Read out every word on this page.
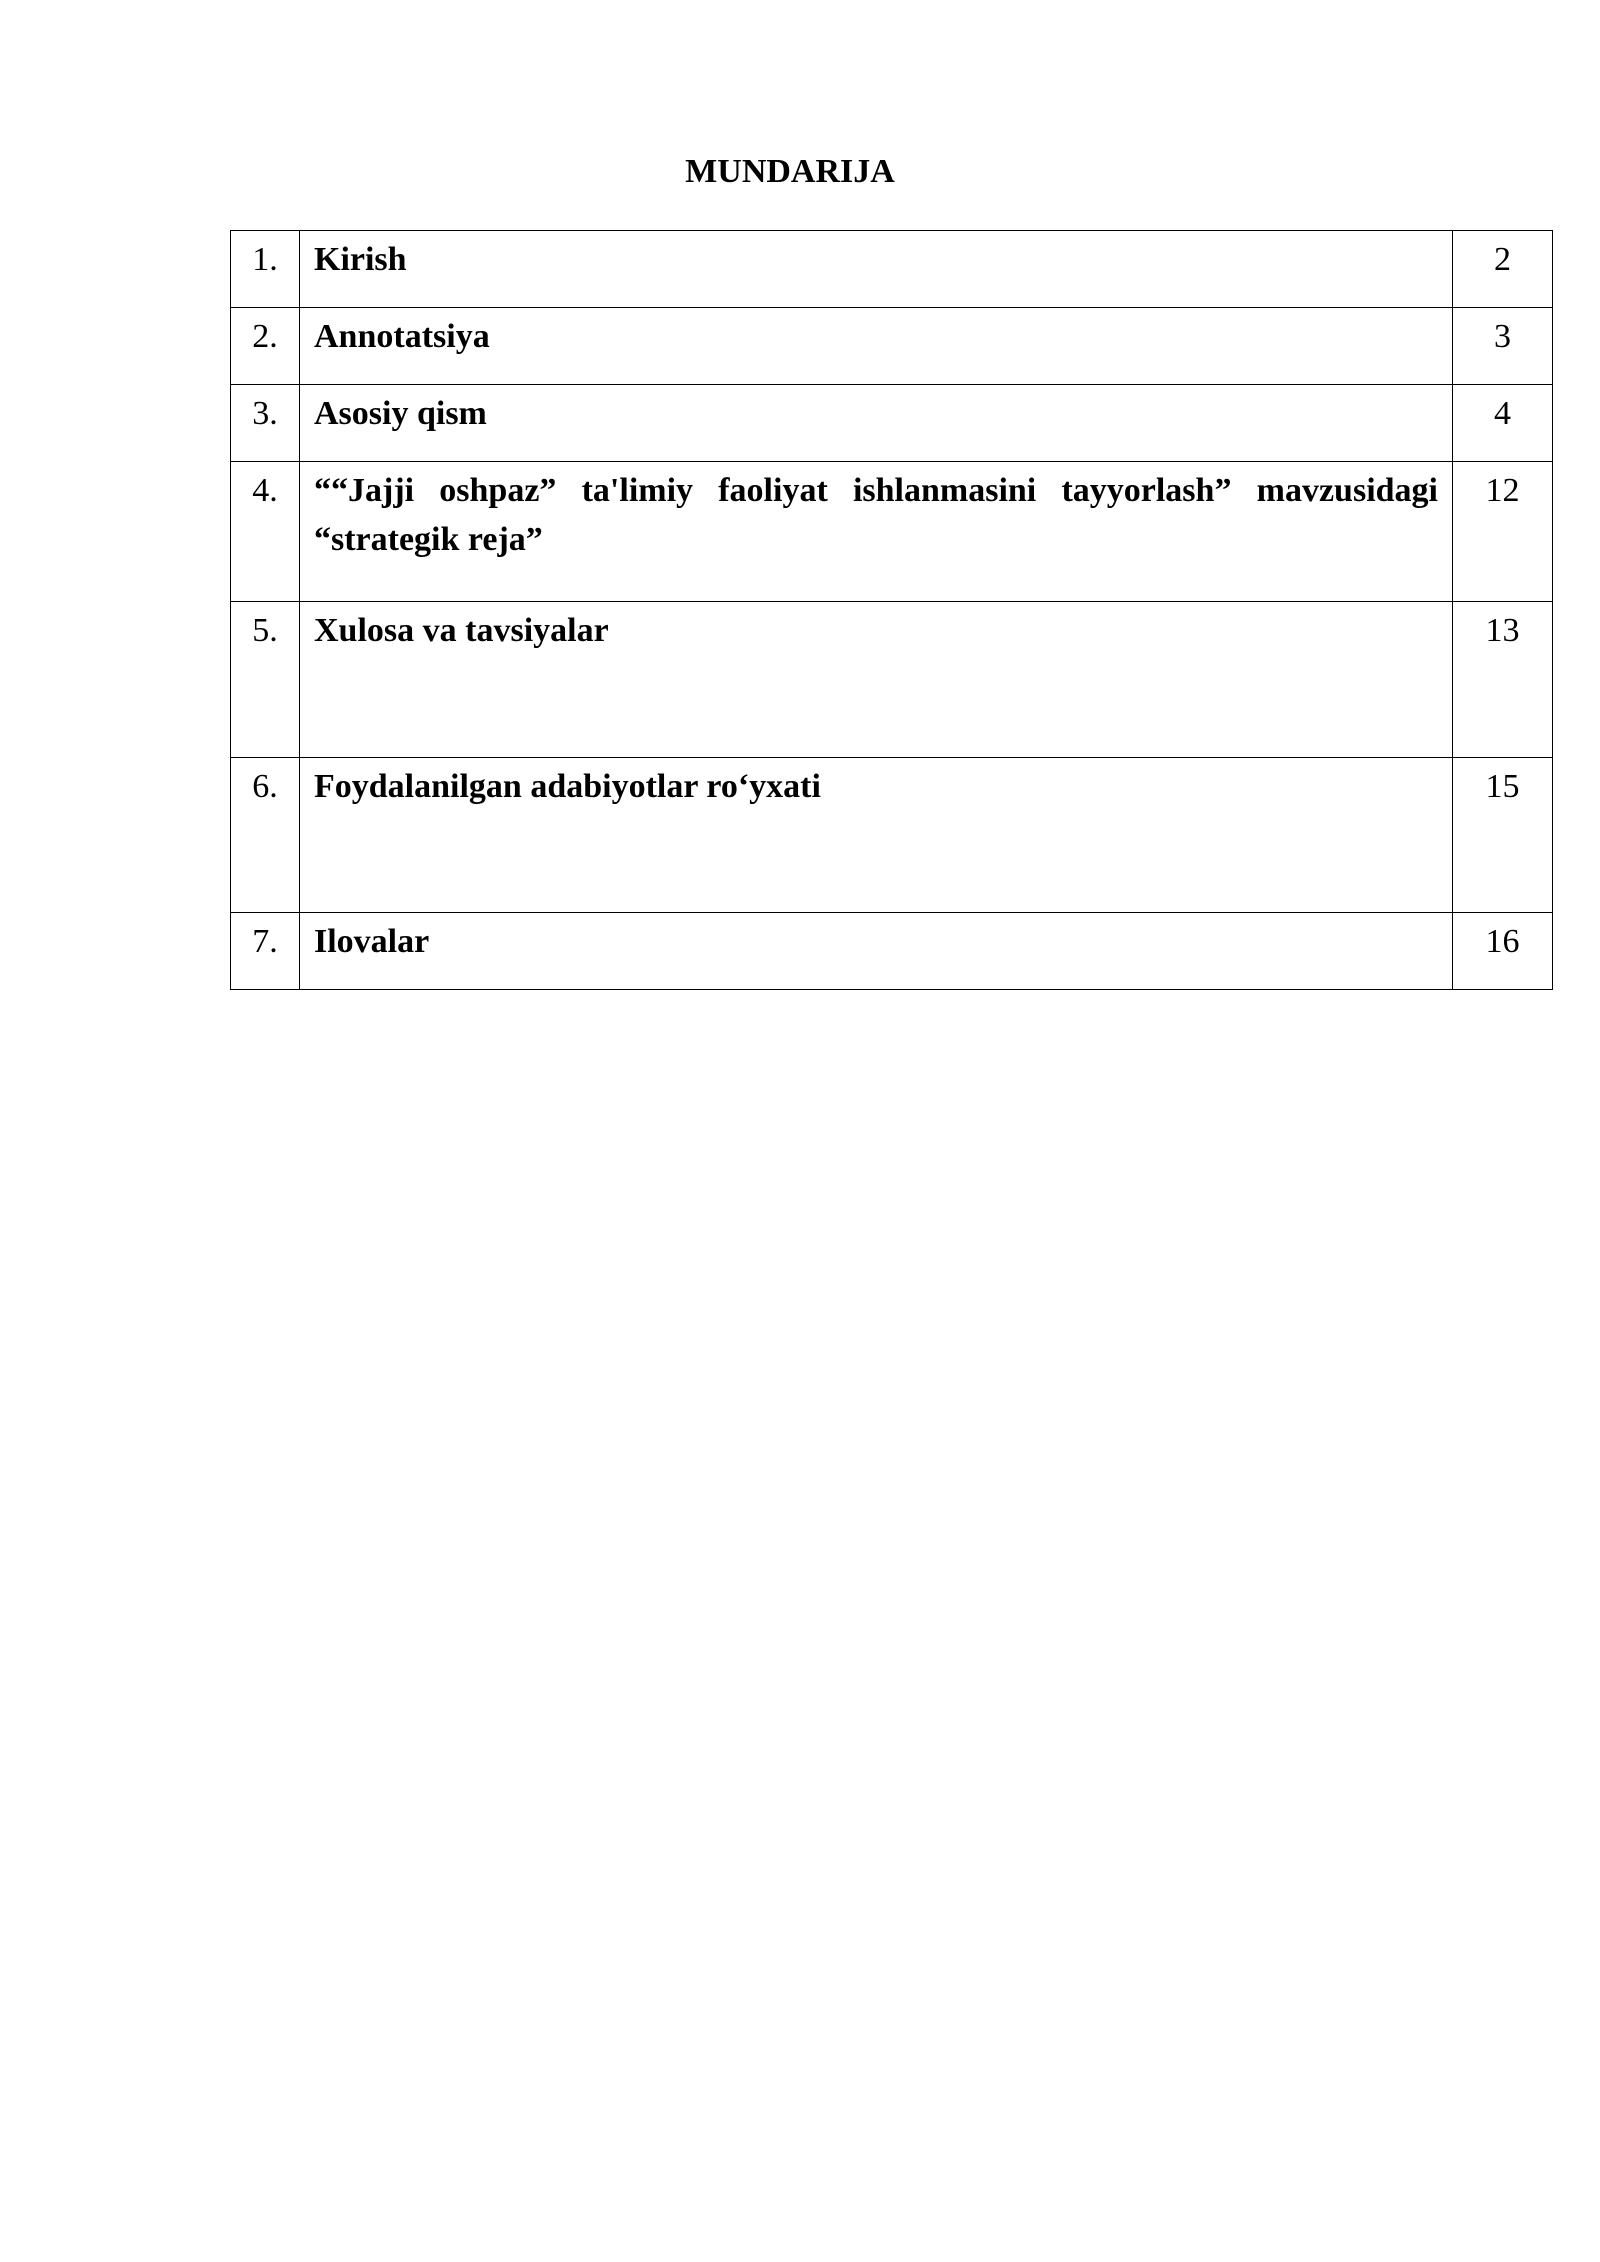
MUNDARIJA
1.	Kirish	2
2.	Annotatsiya	3
3.	Asosiy qism	4
4.	““Jajji oshpaz” ta'limiy faoliyat ishlanmasini tayyorlash” mavzusidagi “strategik reja”	12
5.	Xulosa va tavsiyalar	13
6.	Foydalanilgan adabiyotlar ro‘yxati	15
7.	Ilovalar	16
